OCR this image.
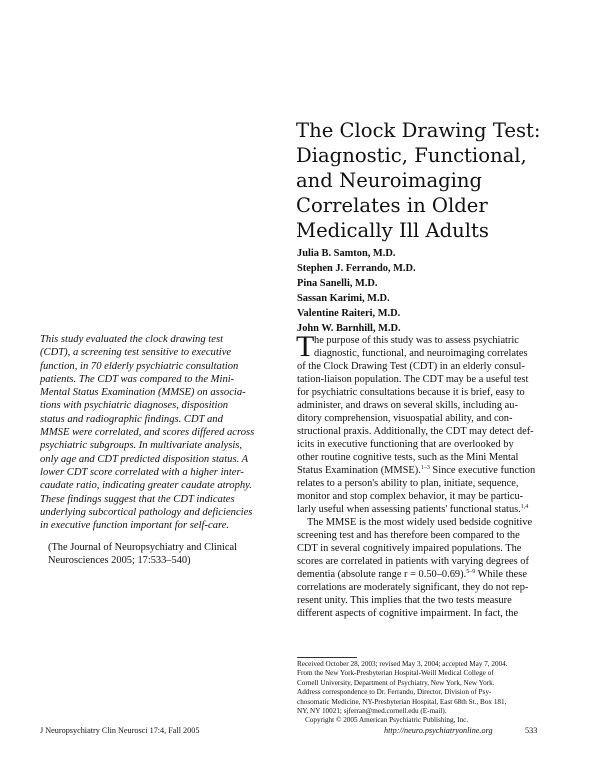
The Clock Drawing Test:
Diagnostic, Functional,
and Neuroimaging
Correlates in Older
Medically Ill Adults
Julia B. Samton, M.D.
Stephen J. Ferrando, M.D.
Pina Sanelli, M.D.
Sassan Karimi, M.D.
Valentine Raiteri, M.D.
John W. Barnhill, M.D.
This study evaluated the clock drawing test
(CDT), a screening test sensitive to executive
function, in 70 elderly psychiatric consultation
patients. The CDT was compared to the Mini-
Mental Status Examination (MMSE) on associa-
tions with psychiatric diagnoses, disposition
status and radiographic findings. CDT and
MMSE were correlated, and scores differed across
psychiatric subgroups. In multivariate analysis,
only age and CDT predicted disposition status. A
lower CDT score correlated with a higher inter-
caudate ratio, indicating greater caudate atrophy.
These findings suggest that the CDT indicates
underlying subcortical pathology and deficiencies
in executive function important for self-care.
(The Journal of Neuropsychiatry and Clinical
Neurosciences 2005; 17:533–540)
T he purpose of this study was to assess psychiatric
diagnostic, functional, and neuroimaging correlates
of the Clock Drawing Test (CDT) in an elderly consul-
tation-liaison population. The CDT may be a useful test
for psychiatric consultations because it is brief, easy to
administer, and draws on several skills, including au-
ditory comprehension, visuospatial ability, and con-
structional praxis. Additionally, the CDT may detect def-
icits in executive functioning that are overlooked by
other routine cognitive tests, such as the Mini Mental
Status Examination (MMSE).$^{1-3}$ Since executive function
relates to a person's ability to plan, initiate, sequence,
monitor and stop complex behavior, it may be particu-
larly useful when assessing patients' functional status.$^{1,4}$
The MMSE is the most widely used bedside cognitive
screening test and has therefore been compared to the
CDT in several cognitively impaired populations. The
scores are correlated in patients with varying degrees of
dementia (absolute range r = 0.50–0.69).$^{5-9}$ While these
correlations are moderately significant, they do not rep-
resent unity. This implies that the two tests measure
different aspects of cognitive impairment. In fact, the
Received October 28, 2003; revised May 3, 2004; accepted May 7, 2004.
From the New York-Presbyterian Hospital-Weill Medical College of
Cornell University, Department of Psychiatry, New York, New York.
Address correspondence to Dr. Ferrando, Director, Division of Psy-
chosomatic Medicine, NY-Presbyterian Hospital, East 68th St., Box 181,
NY, NY 10021; sjferran@med.cornell.edu (E-mail).
Copyright © 2005 American Psychiatric Publishing, Inc.
J Neuropsychiatry Clin Neurosci 17:4, Fall 2005	http://neuro.psychiatryonline.org	533
